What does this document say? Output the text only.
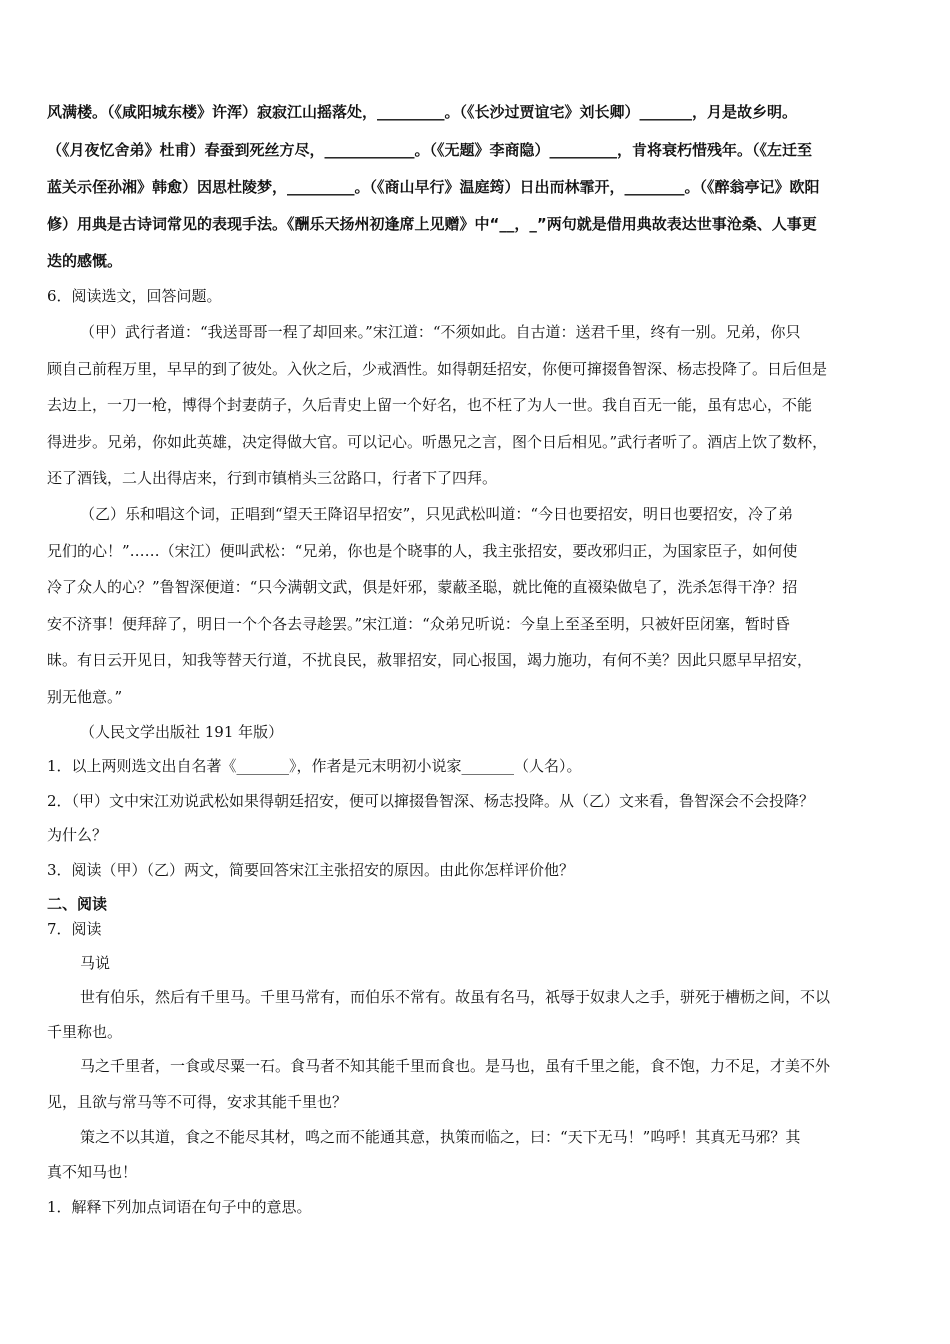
风满楼。（《咸阳城东楼》许浑）寂寂江山摇落处，_________。（《长沙过贾谊宅》刘长卿）_______，月是故乡明。
（《月夜忆舍弟》杜甫）春蚕到死丝方尽，____________。（《无题》李商隐）_________，肯将衰朽惜残年。（《左迁至
蓝关示侄孙湘》韩愈）因思杜陵梦，_________。（《商山早行》温庭筠）日出而林霏开，________。（《醉翁亭记》欧阳
修）用典是古诗词常见的表现手法。《酬乐天扬州初逢席上见赠》中“__，_”两句就是借用典故表达世事沧桑、人事更
迭的感慨。
6．阅读选文，回答问题。
（甲）武行者道：“我送哥哥一程了却回来。”宋江道：“不须如此。自古道：送君千里，终有一别。兄弟，你只
顾自己前程万里，早早的到了彼处。入伙之后，少戒酒性。如得朝廷招安，你便可撺掇鲁智深、杨志投降了。日后但是
去边上，一刀一枪，博得个封妻荫子，久后青史上留一个好名，也不枉了为人一世。我自百无一能，虽有忠心，不能
得进步。兄弟，你如此英雄，决定得做大官。可以记心。听愚兄之言，图个日后相见。”武行者听了。酒店上饮了数杯，
还了酒钱，二人出得店来，行到市镇梢头三岔路口，行者下了四拜。
（乙）乐和唱这个词，正唱到“望天王降诏早招安”，只见武松叫道：“今日也要招安，明日也要招安，冷了弟
兄们的心！”……（宋江）便叫武松：“兄弟，你也是个晓事的人，我主张招安，要改邪归正，为国家臣子，如何使
冷了众人的心？”鲁智深便道：“只今满朝文武，俱是奸邪，蒙蔽圣聪，就比俺的直裰染做皂了，洗杀怎得干净？招
安不济事！便拜辞了，明日一个个各去寻趁罢。”宋江道：“众弟兄听说：今皇上至圣至明，只被奸臣闭塞，暂时昏
昧。有日云开见日，知我等替天行道，不扰良民，赦罪招安，同心报国，竭力施功，有何不美？因此只愿早早招安，
别无他意。”
（人民文学出版社 191 年版）
1．以上两则选文出自名著《_______》，作者是元末明初小说家_______（人名）。
2．（甲）文中宋江劝说武松如果得朝廷招安，便可以撺掇鲁智深、杨志投降。从（乙）文来看，鲁智深会不会投降？
为什么？
3．阅读（甲）（乙）两文，简要回答宋江主张招安的原因。由此你怎样评价他？
二、阅读
7．阅读
马说
世有伯乐，然后有千里马。千里马常有，而伯乐不常有。故虽有名马，祇辱于奴隶人之手，骈死于槽枥之间，不以
千里称也。
马之千里者，一食或尽粟一石。食马者不知其能千里而食也。是马也，虽有千里之能，食不饱，力不足，才美不外
见，且欲与常马等不可得，安求其能千里也？
策之不以其道，食之不能尽其材，鸣之而不能通其意，执策而临之，曰：“天下无马！”呜呼！其真无马邪？其
真不知马也！
1．解释下列加点词语在句子中的意思。
